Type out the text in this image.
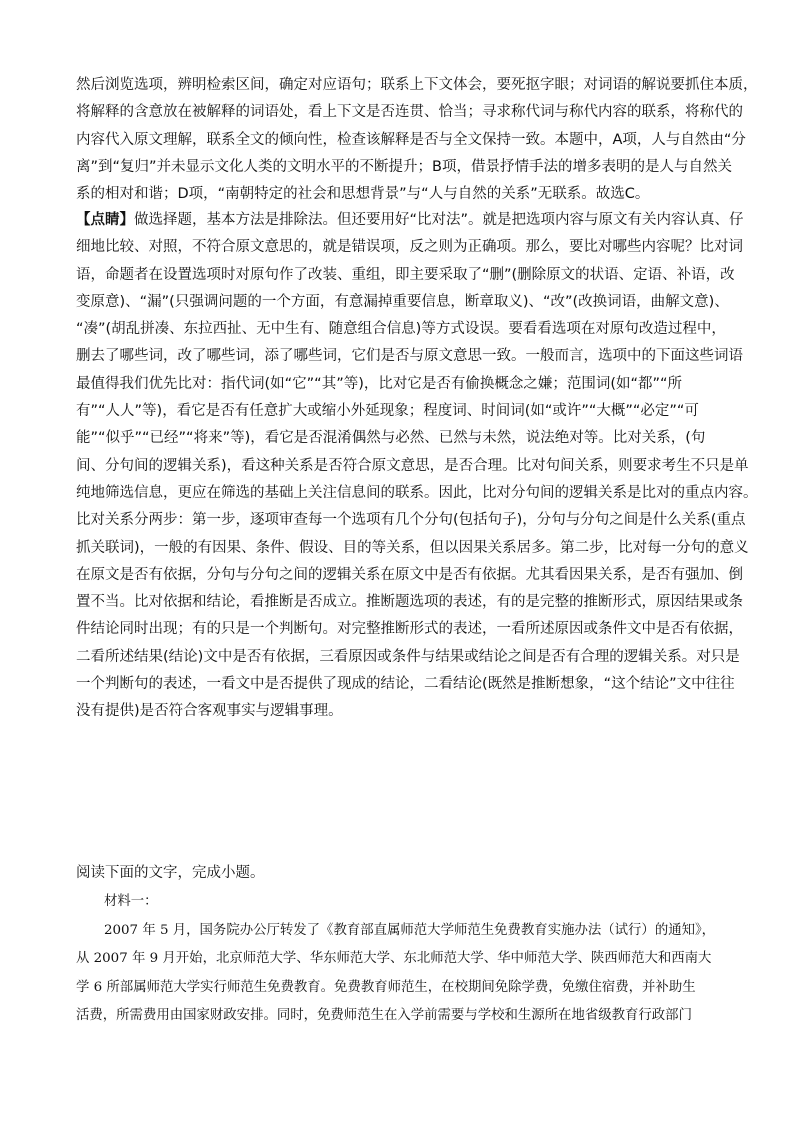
然后浏览选项，辨明检索区间，确定对应语句；联系上下文体会，要死抠字眼；对词语的解说要抓住本质，
将解释的含意放在被解释的词语处，看上下文是否连贯、恰当；寻求称代词与称代内容的联系，将称代的
内容代入原文理解，联系全文的倾向性，检查该解释是否与全文保持一致。本题中，A项，人与自然由“分
离”到“复归”并未显示文化人类的文明水平的不断提升；B项，借景抒情手法的增多表明的是人与自然关
系的相对和谐；D项，“南朝特定的社会和思想背景”与“人与自然的关系”无联系。故选C。
【点睛】做选择题，基本方法是排除法。但还要用好“比对法”。就是把选项内容与原文有关内容认真、仔
细地比较、对照，不符合原文意思的，就是错误项，反之则为正确项。那么，要比对哪些内容呢？比对词
语，命题者在设置选项时对原句作了改装、重组，即主要采取了“删”(删除原文的状语、定语、补语，改
变原意)、“漏”(只强调问题的一个方面，有意漏掉重要信息，断章取义)、“改”(改换词语，曲解文意)、
“凑”(胡乱拼凑、东拉西扯、无中生有、随意组合信息)等方式设误。要看看选项在对原句改造过程中，
删去了哪些词，改了哪些词，添了哪些词，它们是否与原文意思一致。一般而言，选项中的下面这些词语
最值得我们优先比对：指代词(如“它”“其”等)，比对它是否有偷换概念之嫌；范围词(如“都”“所
有”“人人”等)，看它是否有任意扩大或缩小外延现象；程度词、时间词(如“或许”“大概”“必定”“可
能”“似乎”“已经”“将来”等)，看它是否混淆偶然与必然、已然与未然，说法绝对等。比对关系，(句
间、分句间的逻辑关系)，看这种关系是否符合原文意思，是否合理。比对句间关系，则要求考生不只是单
纯地筛选信息，更应在筛选的基础上关注信息间的联系。因此，比对分句间的逻辑关系是比对的重点内容。
比对关系分两步：第一步，逐项审查每一个选项有几个分句(包括句子)，分句与分句之间是什么关系(重点
抓关联词)，一般的有因果、条件、假设、目的等关系，但以因果关系居多。第二步，比对每一分句的意义
在原文是否有依据，分句与分句之间的逻辑关系在原文中是否有依据。尤其看因果关系，是否有强加、倒
置不当。比对依据和结论，看推断是否成立。推断题选项的表述，有的是完整的推断形式，原因结果或条
件结论同时出现；有的只是一个判断句。对完整推断形式的表述，一看所述原因或条件文中是否有依据，
二看所述结果(结论)文中是否有依据，三看原因或条件与结果或结论之间是否有合理的逻辑关系。对只是
一个判断句的表述，一看文中是否提供了现成的结论，二看结论(既然是推断想象，“这个结论”文中往往
没有提供)是否符合客观事实与逻辑事理。
阅读下面的文字，完成小题。
材料一：
2007 年 5 月，国务院办公厅转发了《教育部直属师范大学师范生免费教育实施办法（试行）的通知》，
从 2007 年 9 月开始，北京师范大学、华东师范大学、东北师范大学、华中师范大学、陕西师范大和西南大
学 6 所部属师范大学实行师范生免费教育。免费教育师范生，在校期间免除学费，免缴住宿费，并补助生
活费，所需费用由国家财政安排。同时，免费师范生在入学前需要与学校和生源所在地省级教育行政部门
